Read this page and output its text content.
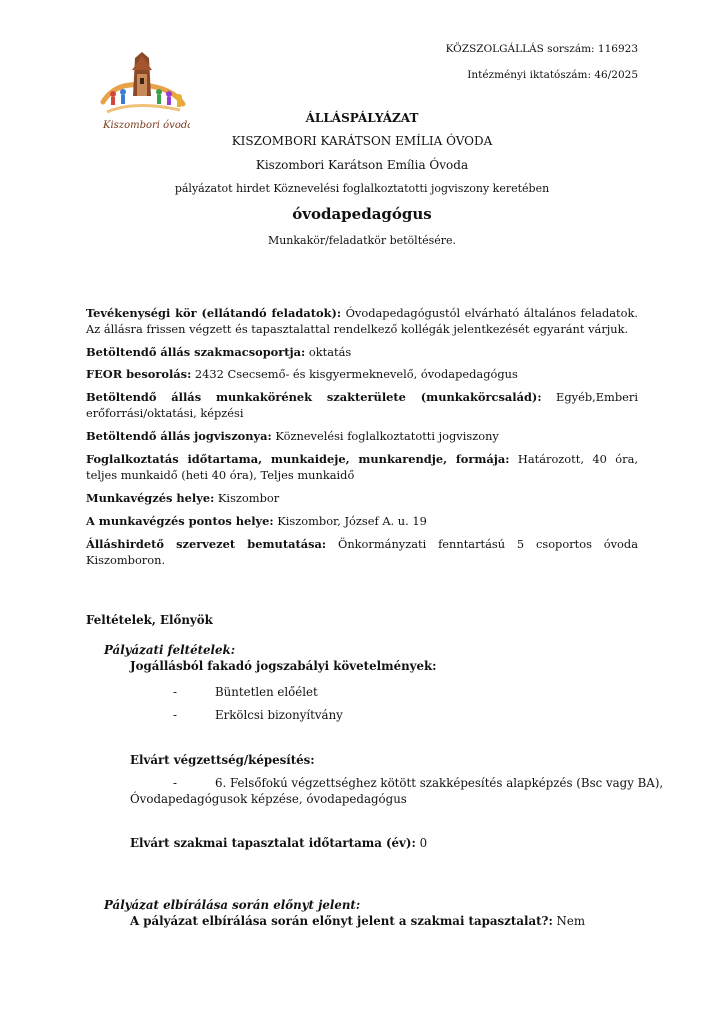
KÖZSZOLGÁLLÁS sorszám: 116923
Intézményi iktatószám: 46/2025
Kiszombori óvoda
ÁLLÁSPÁLYÁZAT
KISZOMBORI KARÁTSON EMÍLIA ÓVODA
Kiszombori Karátson Emília Óvoda
pályázatot hirdet Köznevelési foglalkoztatotti jogviszony keretében
óvodapedagógus
Munkakör/feladatkör betöltésére.
Tevékenységi kör (ellátandó feladatok): Óvodapedagógustól elvárható általános feladatok. Az állásra frissen végzett és tapasztalattal rendelkező kollégák jelentkezését egyaránt várjuk.
Betöltendő állás szakmacsoportja: oktatás
FEOR besorolás: 2432 Csecsemő- és kisgyermeknevelő, óvodapedagógus
Betöltendő állás munkakörének szakterülete (munkakörcsalád): Egyéb,Emberi erőforrási/oktatási, képzési
Betöltendő állás jogviszonya: Köznevelési foglalkoztatotti jogviszony
Foglalkoztatás időtartama, munkaideje, munkarendje, formája: Határozott, 40 óra, teljes munkaidő (heti 40 óra), Teljes munkaidő
Munkavégzés helye: Kiszombor
A munkavégzés pontos helye: Kiszombor, József A. u. 19
Álláshirdető szervezet bemutatása: Önkormányzati fenntartású 5 csoportos óvoda Kiszomboron.
Feltételek, Előnyök
Pályázati feltételek:
Jogállásból fakadó jogszabályi követelmények:
-	Büntetlen előélet
-	Erkölcsi bizonyítvány
Elvárt végzettség/képesítés:
-	6. Felsőfokú végzettséghez kötött szakképesítés alapképzés (Bsc vagy BA),
Óvodapedagógusok képzése, óvodapedagógus
Elvárt szakmai tapasztalat időtartama (év): 0
Pályázat elbírálása során előnyt jelent:
A pályázat elbírálása során előnyt jelent a szakmai tapasztalat?: Nem
